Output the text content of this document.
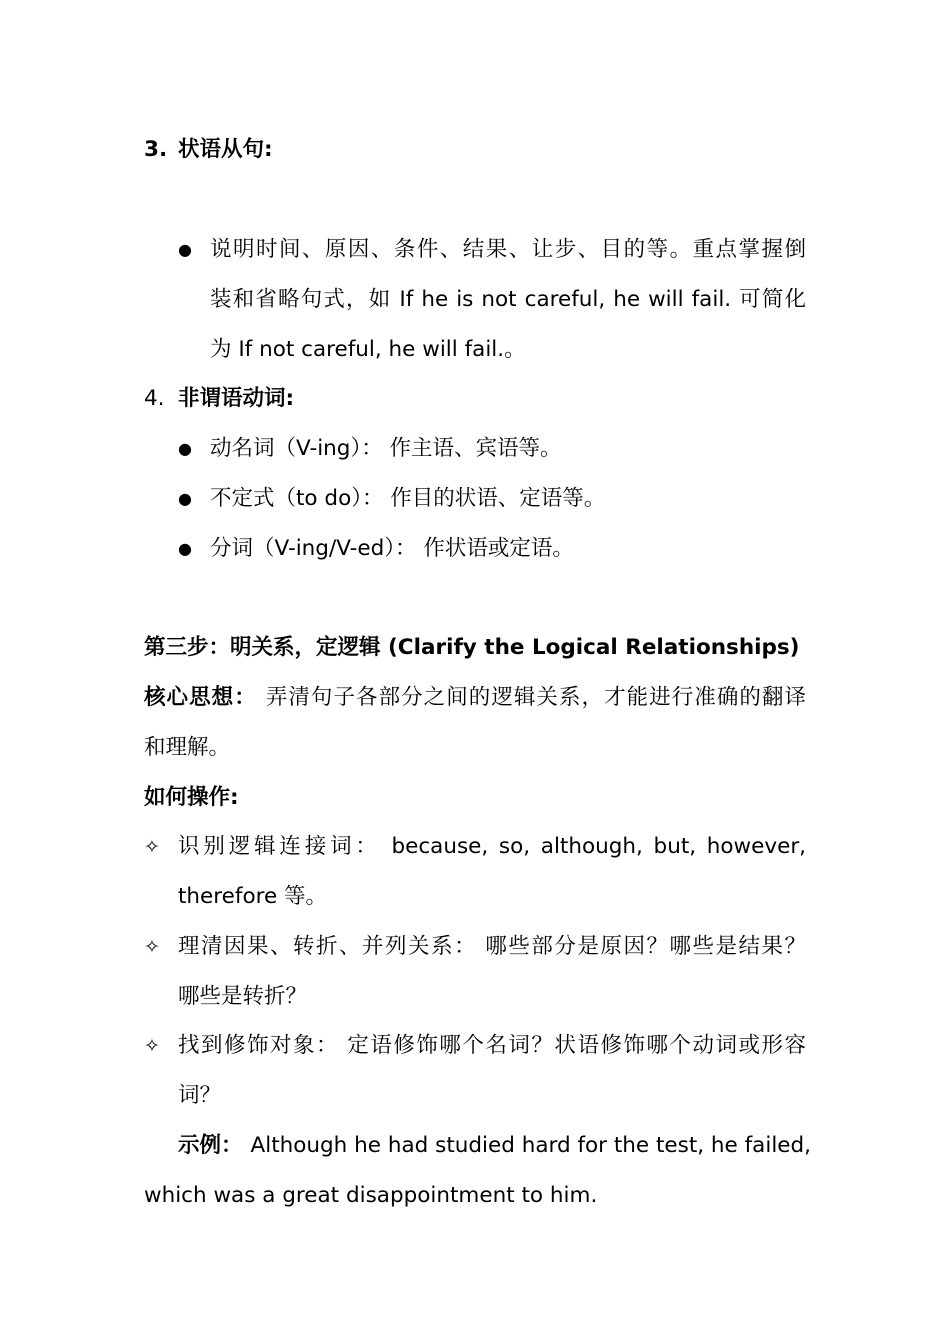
3. 状语从句:
● 说明时间、原因、条件、结果、让步、目的等。重点掌握倒
装和省略句式，如 If he is not careful, he will fail. 可简化
为 If not careful, he will fail.。
4. 非谓语动词:
● 动名词（V-ing）： 作主语、宾语等。
● 不定式（to do）： 作目的状语、定语等。
● 分词（V-ing/V-ed）： 作状语或定语。
第三步：明关系，定逻辑 (Clarify the Logical Relationships)
核心思想： 弄清句子各部分之间的逻辑关系，才能进行准确的翻译
和理解。
如何操作:
✧ 识别逻辑连接词： because, so, although, but, however,
therefore 等。
✧ 理清因果、转折、并列关系： 哪些部分是原因？哪些是结果？
哪些是转折？
✧ 找到修饰对象： 定语修饰哪个名词？状语修饰哪个动词或形容
词？
示例： Although he had studied hard for the test, he failed,
which was a great disappointment to him.
